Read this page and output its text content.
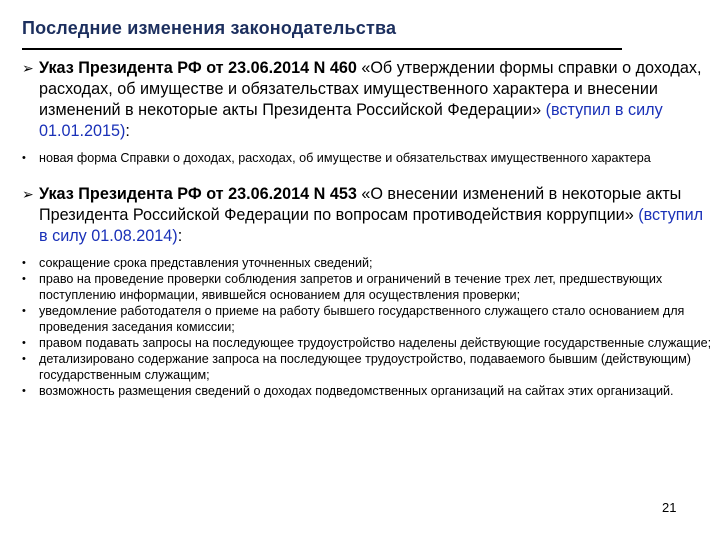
Последние изменения законодательства
➢ Указ Президента РФ от 23.06.2014 N 460 «Об утверждении формы справки о доходах, расходах, об имуществе и обязательствах имущественного характера и внесении изменений в некоторые акты Президента Российской Федерации» (вступил в силу 01.01.2015):
• новая форма Справки о доходах, расходах, об имуществе и обязательствах имущественного характера
➢ Указ Президента РФ от 23.06.2014 N 453 «О внесении изменений в некоторые акты Президента Российской Федерации по вопросам противодействия коррупции» (вступил в силу 01.08.2014):
• сокращение срока представления уточненных сведений;
• право на проведение проверки соблюдения запретов и ограничений в течение трех лет, предшествующих поступлению информации, явившейся основанием для осуществления проверки;
• уведомление работодателя о приеме на работу бывшего государственного служащего стало основанием для проведения заседания комиссии;
• правом подавать запросы на последующее трудоустройство наделены действующие государственные служащие;
• детализировано содержание запроса на последующее трудоустройство, подаваемого бывшим (действующим) государственным служащим;
• возможность размещения сведений о доходах подведомственных организаций на сайтах этих организаций.
21
